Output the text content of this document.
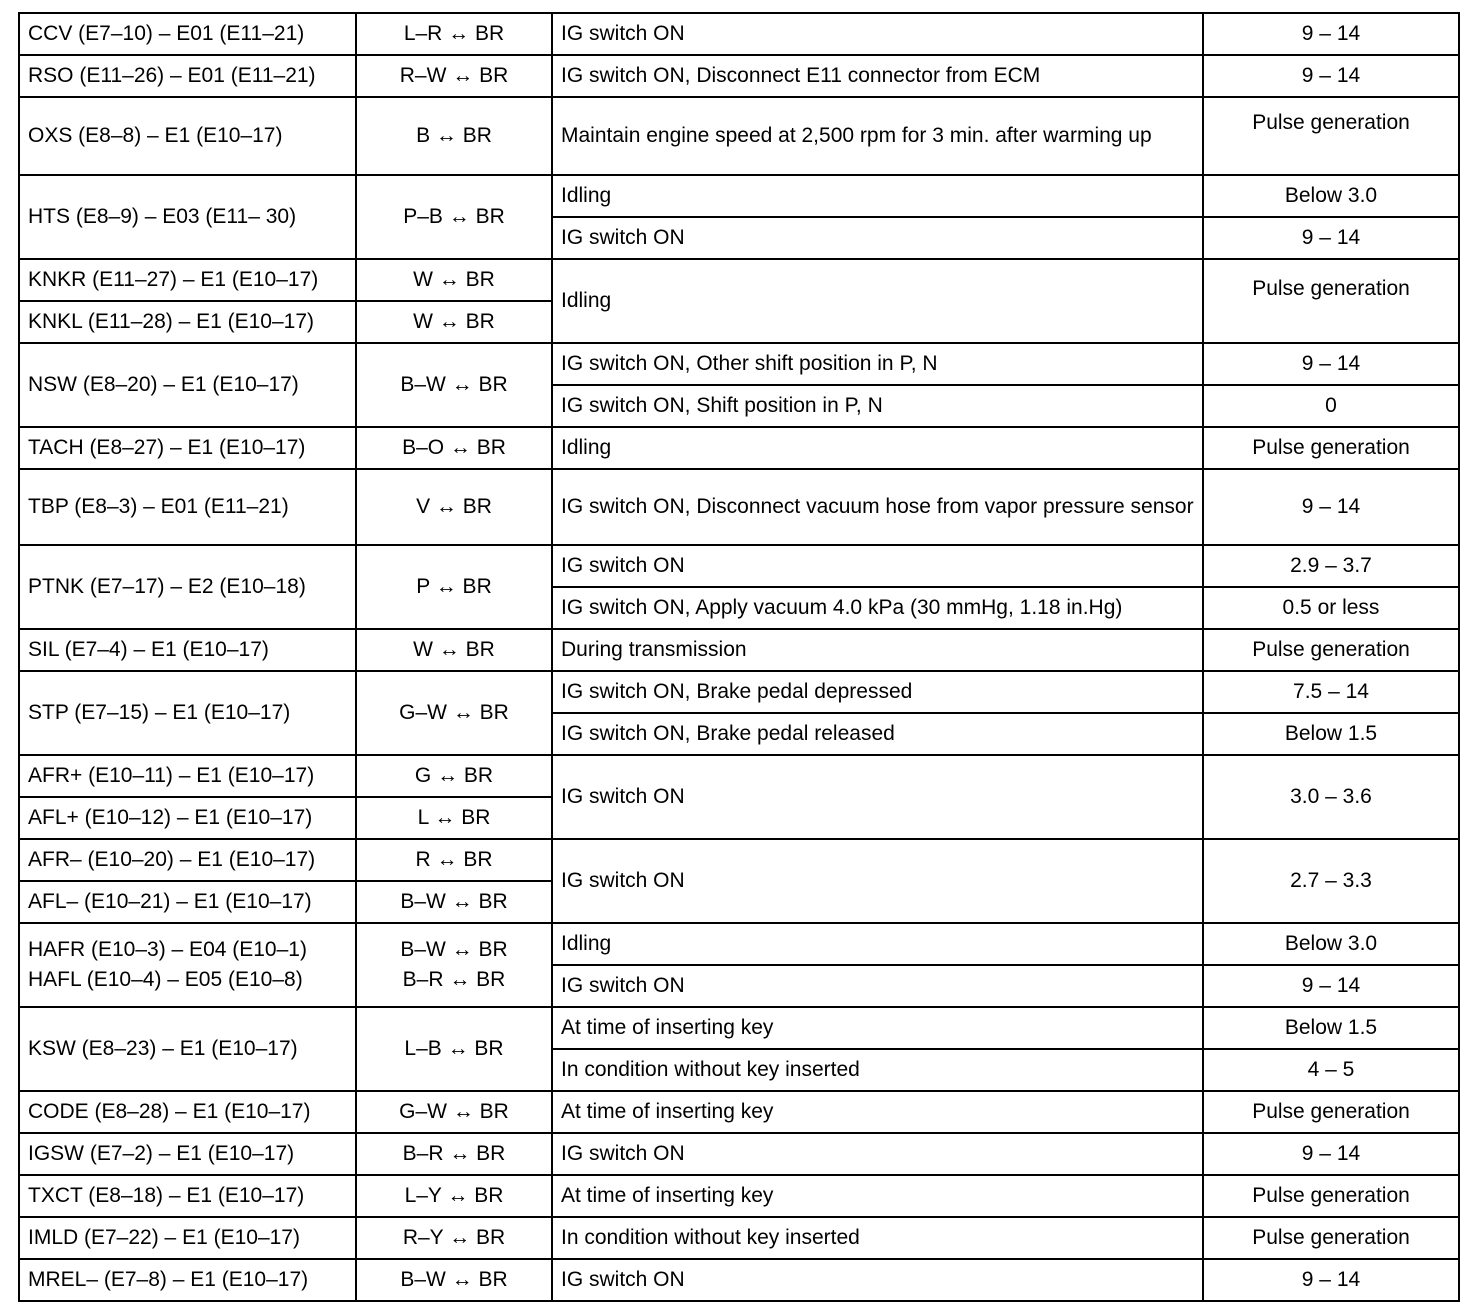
CCV (E7–10) – E01 (E11–21)	L–R ↔ BR	IG switch ON	9 – 14
RSO (E11–26) – E01 (E11–21)	R–W ↔ BR	IG switch ON, Disconnect E11 connector from ECM	9 – 14
OXS (E8–8) – E1 (E10–17)	B ↔ BR	Maintain engine speed at 2,500 rpm for 3 min. after warming up	Pulse generation
HTS (E8–9) – E03 (E11– 30)	P–B ↔ BR	Idling	Below 3.0
		IG switch ON	9 – 14
KNKR (E11–27) – E1 (E10–17)	W ↔ BR	Idling	Pulse generation
KNKL (E11–28) – E1 (E10–17)	W ↔ BR		
NSW (E8–20) – E1 (E10–17)	B–W ↔ BR	IG switch ON, Other shift position in P, N	9 – 14
		IG switch ON, Shift position in P, N	0
TACH (E8–27) – E1 (E10–17)	B–O ↔ BR	Idling	Pulse generation
TBP (E8–3) – E01 (E11–21)	V ↔ BR	IG switch ON, Disconnect vacuum hose from vapor pressure sensor	9 – 14
PTNK (E7–17) – E2 (E10–18)	P ↔ BR	IG switch ON	2.9 – 3.7
		IG switch ON, Apply vacuum 4.0 kPa (30 mmHg, 1.18 in.Hg)	0.5 or less
SIL (E7–4) – E1 (E10–17)	W ↔ BR	During transmission	Pulse generation
STP (E7–15) – E1 (E10–17)	G–W ↔ BR	IG switch ON, Brake pedal depressed	7.5 – 14
		IG switch ON, Brake pedal released	Below 1.5
AFR+ (E10–11) – E1 (E10–17)	G ↔ BR	IG switch ON	3.0 – 3.6
AFL+ (E10–12) – E1 (E10–17)	L ↔ BR		
AFR– (E10–20) – E1 (E10–17)	R ↔ BR	IG switch ON	2.7 – 3.3
AFL– (E10–21) – E1 (E10–17)	B–W ↔ BR		
HAFR (E10–3) – E04 (E10–1)	B–W ↔ BR	Idling	Below 3.0
HAFL (E10–4) – E05 (E10–8)	B–R ↔ BR	IG switch ON	9 – 14
KSW (E8–23) – E1 (E10–17)	L–B ↔ BR	At time of inserting key	Below 1.5
		In condition without key inserted	4 – 5
CODE (E8–28) – E1 (E10–17)	G–W ↔ BR	At time of inserting key	Pulse generation
IGSW (E7–2) – E1 (E10–17)	B–R ↔ BR	IG switch ON	9 – 14
TXCT (E8–18) – E1 (E10–17)	L–Y ↔ BR	At time of inserting key	Pulse generation
IMLD (E7–22) – E1 (E10–17)	R–Y ↔ BR	In condition without key inserted	Pulse generation
MREL– (E7–8) – E1 (E10–17)	B–W ↔ BR	IG switch ON	9 – 14
